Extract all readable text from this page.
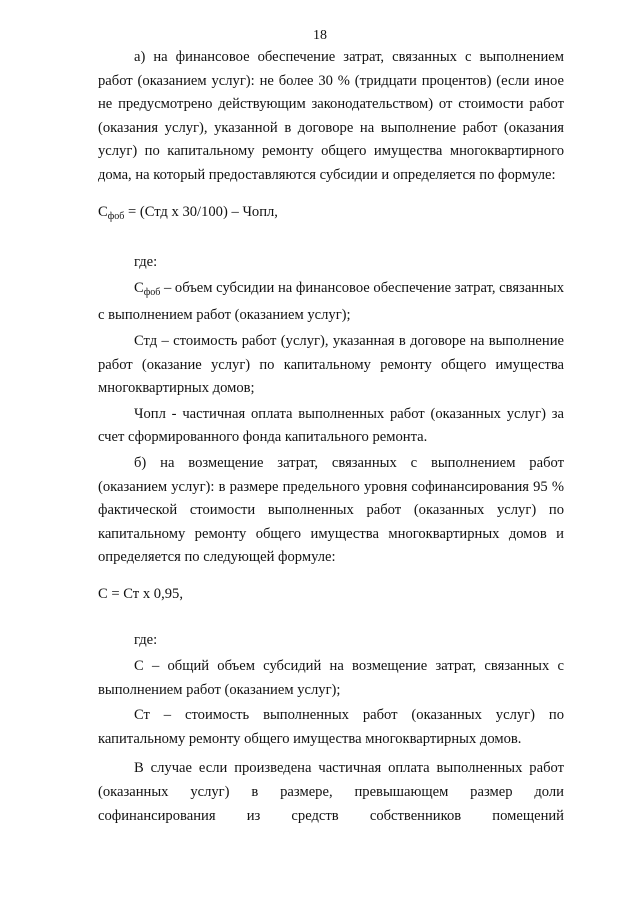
18

а) на финансовое обеспечение затрат, связанных с выполнением работ (оказанием услуг): не более 30 % (тридцати процентов) (если иное не предусмотрено действующим законодательством) от стоимости работ (оказания услуг), указанной в договоре на выполнение работ (оказания услуг) по капитальному ремонту общего имущества многоквартирного дома, на который предоставляются субсидии и определяется по формуле:

$С_{фоб} = (Стд$ х 30/100) – Чопл,

где:

$С_{фоб}$ – объем субсидии на финансовое обеспечение затрат, связанных с выполнением работ (оказанием услуг);

Стд – стоимость работ (услуг), указанная в договоре на выполнение работ (оказание услуг) по капитальному ремонту общего имущества многоквартирных домов;

Чопл - частичная оплата выполненных работ (оказанных услуг) за счет сформированного фонда капитального ремонта.

б) на возмещение затрат, связанных с выполнением работ (оказанием услуг): в размере предельного уровня софинансирования 95 % фактической стоимости выполненных работ (оказанных услуг) по капитальному ремонту общего имущества многоквартирных домов и определяется по следующей формуле:

С = Ст х 0,95,

где:

С – общий объем субсидий на возмещение затрат, связанных с выполнением работ (оказанием услуг);

Ст – стоимость выполненных работ (оказанных услуг) по капитальному ремонту общего имущества многоквартирных домов.

В случае если произведена частичная оплата выполненных работ (оказанных услуг) в размере, превышающем размер доли софинансирования из средств собственников помещений
